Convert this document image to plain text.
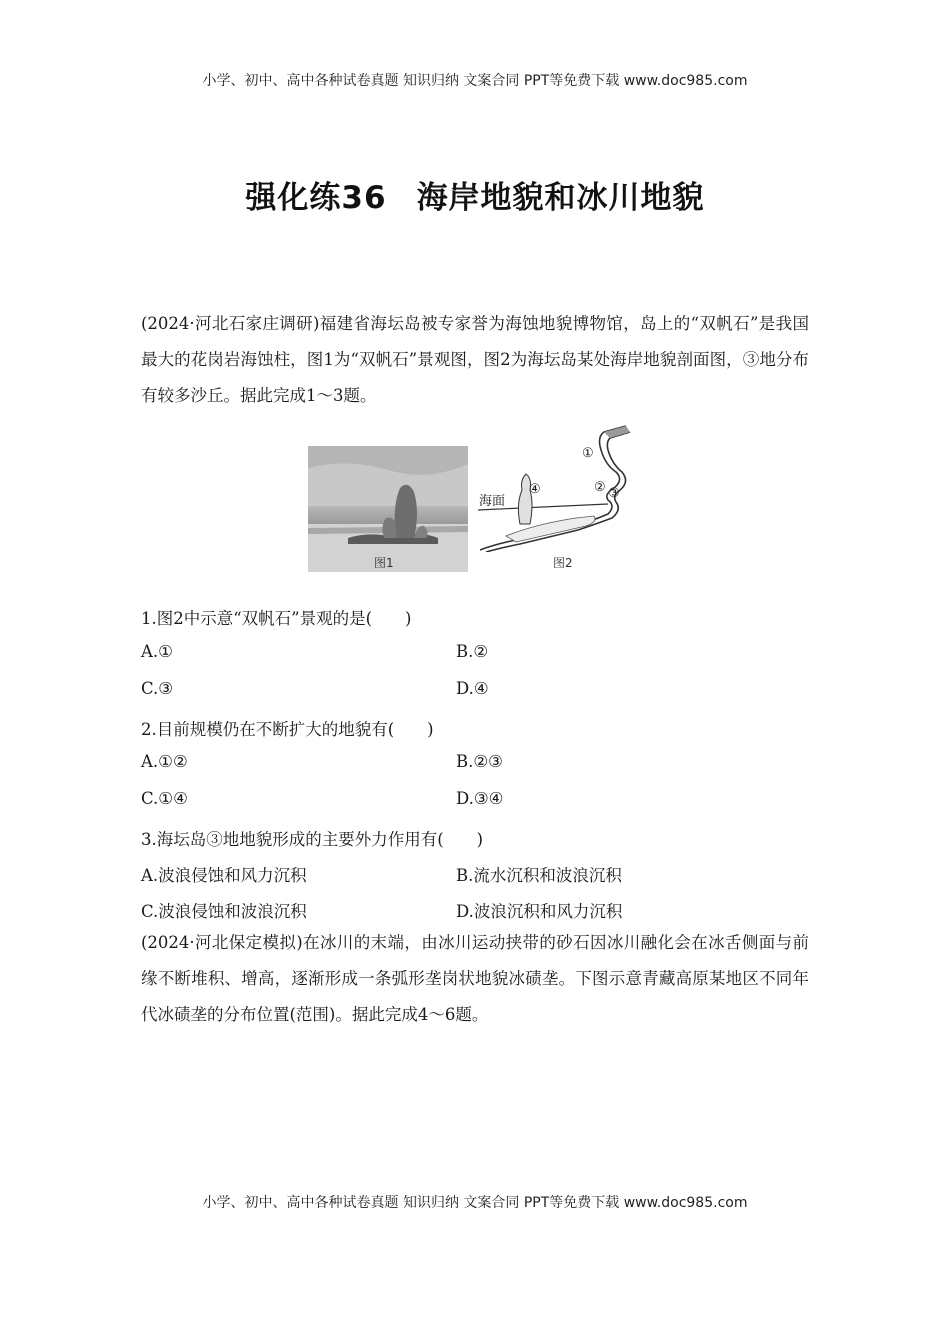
小学、初中、高中各种试卷真题 知识归纳 文案合同 PPT等免费下载 www.doc985.com
强化练36 海岸地貌和冰川地貌
(2024·河北石家庄调研)福建省海坛岛被专家誉为海蚀地貌博物馆，岛上的“双帆石”是我国最大的花岗岩海蚀柱，图1为“双帆石”景观图，图2为海坛岛某处海岸地貌剖面图，③地分布有较多沙丘。据此完成1～3题。
海面
①
② ③
④
图1	图2
1.图2中示意“双帆石”景观的是(　　)
A.①	B.②
C.③	D.④
2.目前规模仍在不断扩大的地貌有(　　)
A.①②	B.②③
C.①④	D.③④
3.海坛岛③地地貌形成的主要外力作用有(　　)
A.波浪侵蚀和风力沉积	B.流水沉积和波浪沉积
C.波浪侵蚀和波浪沉积	D.波浪沉积和风力沉积
(2024·河北保定模拟)在冰川的末端，由冰川运动挟带的砂石因冰川融化会在冰舌侧面与前缘不断堆积、增高，逐渐形成一条弧形垄岗状地貌冰碛垄。下图示意青藏高原某地区不同年代冰碛垄的分布位置(范围)。据此完成4～6题。
小学、初中、高中各种试卷真题 知识归纳 文案合同 PPT等免费下载 www.doc985.com
